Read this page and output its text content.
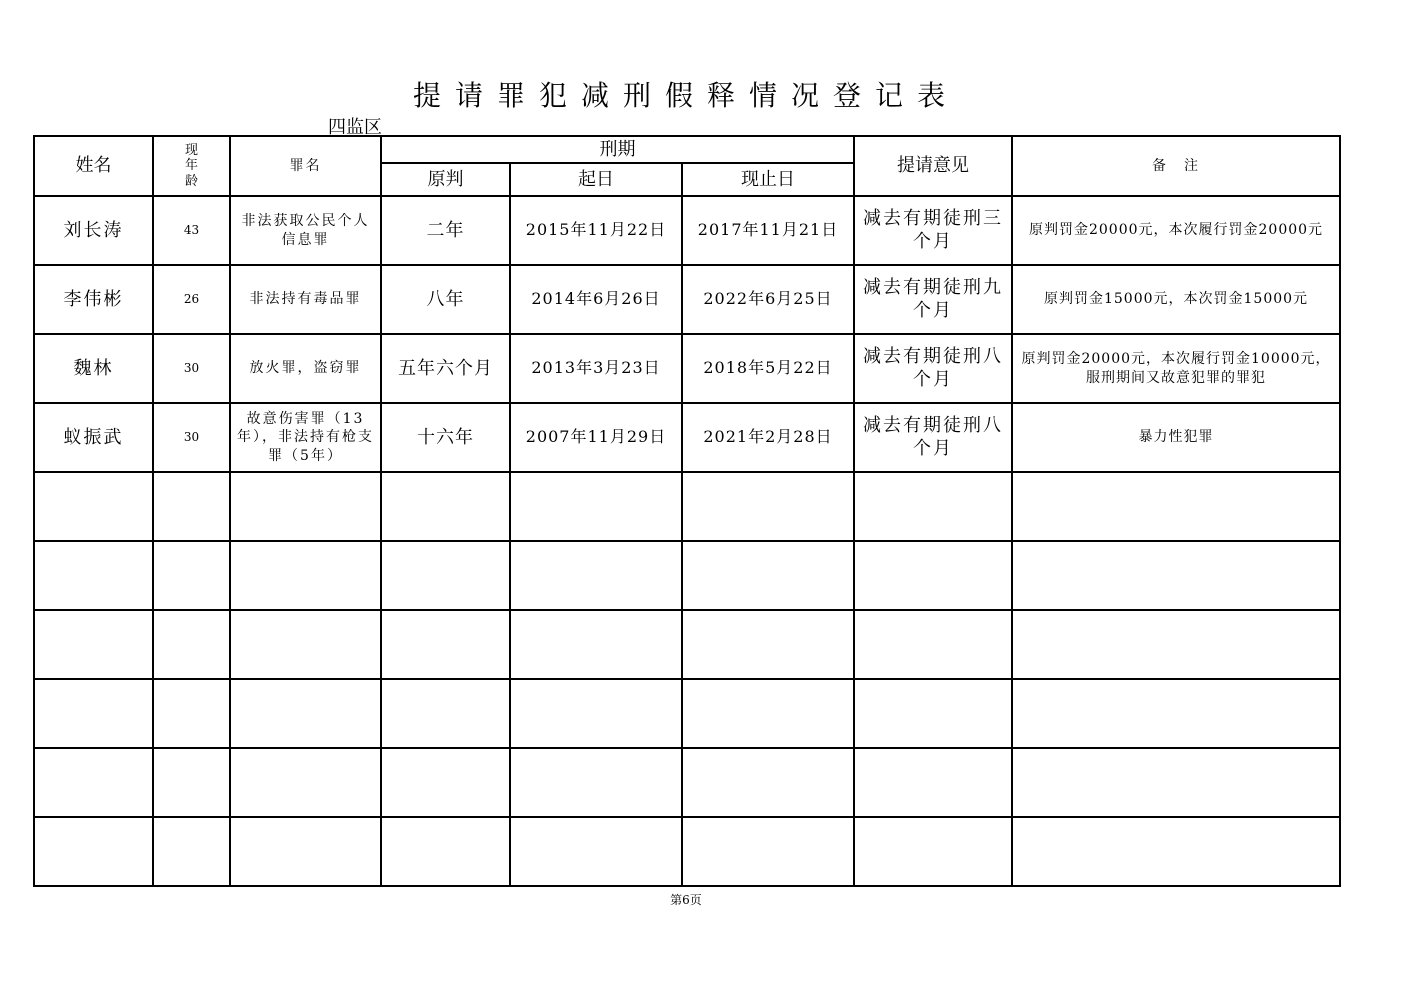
提请罪犯减刑假释情况登记表
四监区
姓名	现年龄	罪名	刑期			提请意见	备　注
			原判	起日	现止日		
刘长涛	43	非法获取公民个人信息罪	二年	2015年11月22日	2017年11月21日	减去有期徒刑三个月	原判罚金20000元，本次履行罚金20000元
李伟彬	26	非法持有毒品罪	八年	2014年6月26日	2022年6月25日	减去有期徒刑九个月	原判罚金15000元，本次罚金15000元
魏林	30	放火罪，盗窃罪	五年六个月	2013年3月23日	2018年5月22日	减去有期徒刑八个月	原判罚金20000元，本次履行罚金10000元，服刑期间又故意犯罪的罪犯
蚁振武	30	故意伤害罪（13年），非法持有枪支罪（5年）	十六年	2007年11月29日	2021年2月28日	减去有期徒刑八个月	暴力性犯罪

第6页
